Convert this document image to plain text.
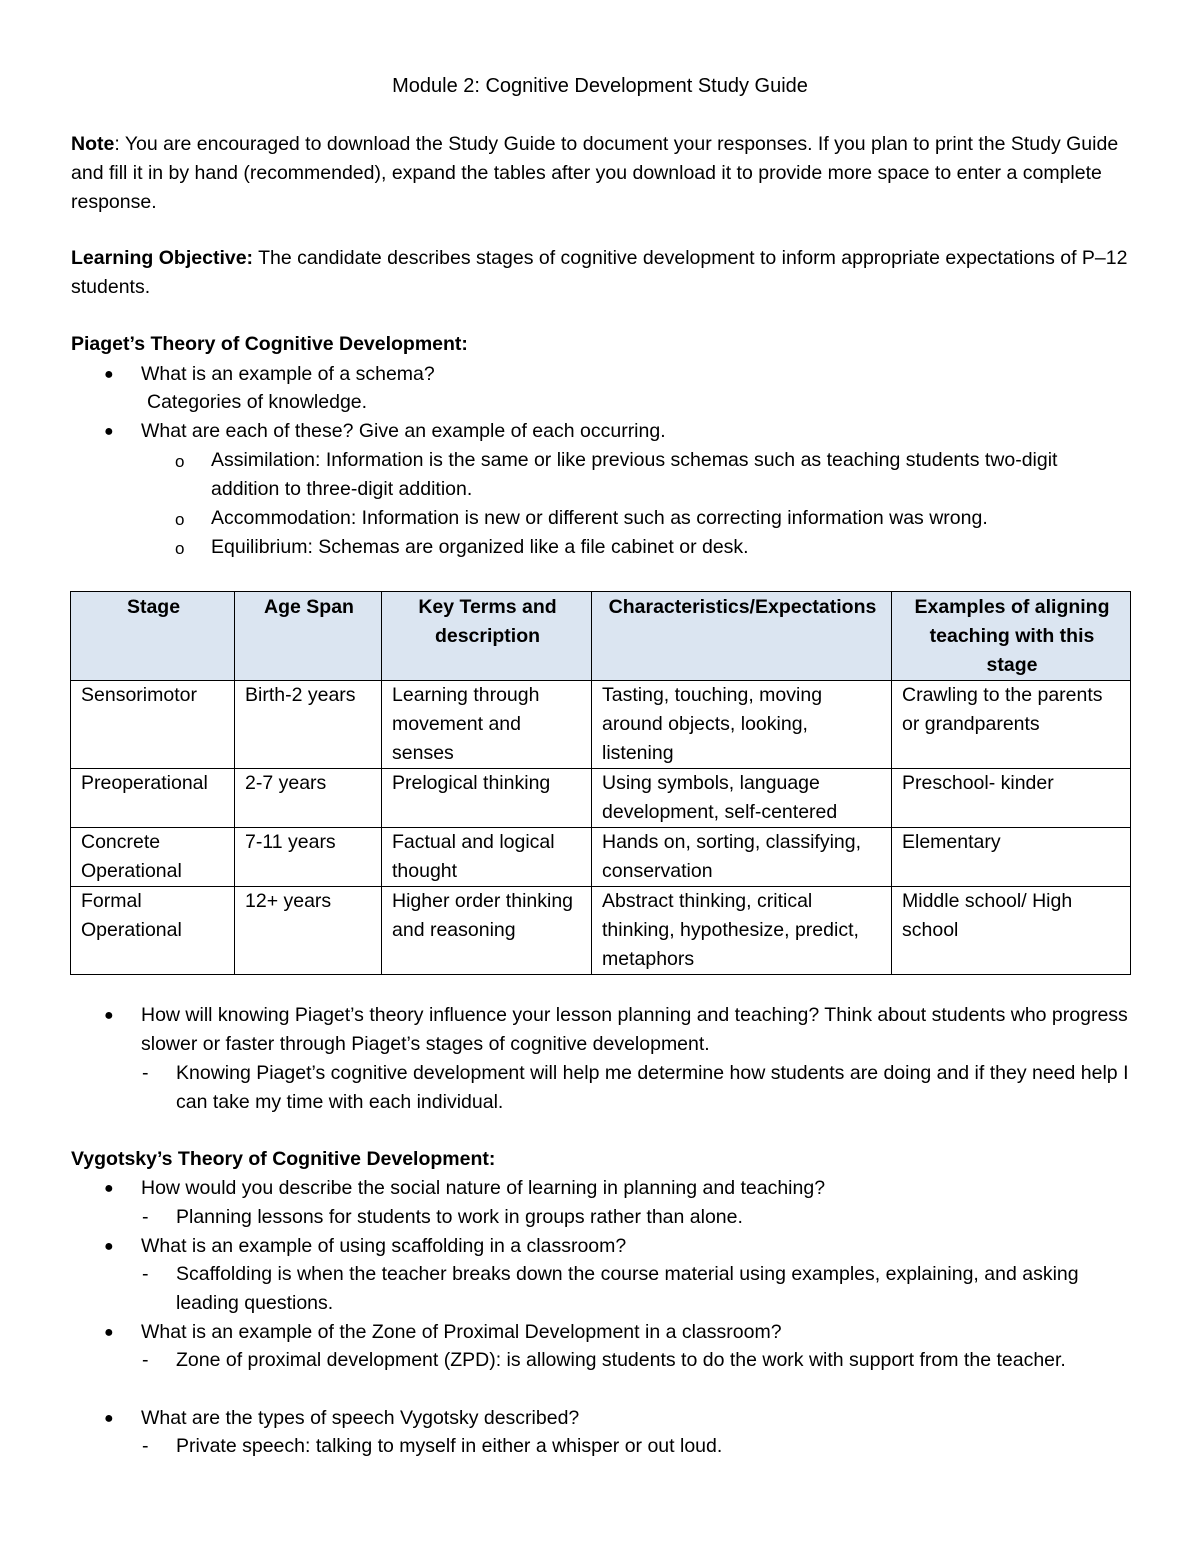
Module 2: Cognitive Development Study Guide

Note: You are encouraged to download the Study Guide to document your responses. If you plan to print the Study Guide and fill it in by hand (recommended), expand the tables after you download it to provide more space to enter a complete response.

Learning Objective: The candidate describes stages of cognitive development to inform appropriate expectations of P–12 students.

Piaget’s Theory of Cognitive Development:

● What is an example of a schema?

Categories of knowledge.

● What are each of these? Give an example of each occurring.

o Assimilation: Information is the same or like previous schemas such as teaching students two-digit addition to three-digit addition.

o Accommodation: Information is new or different such as correcting information was wrong.

o Equilibrium: Schemas are organized like a file cabinet or desk.

Stage	Age Span	Key Terms and description	Characteristics/Expectations	Examples of aligning teaching with this stage
Sensorimotor	Birth-2 years	Learning through movement and senses	Tasting, touching, moving around objects, looking, listening	Crawling to the parents or grandparents
Preoperational	2-7 years	Prelogical thinking	Using symbols, language development, self-centered	Preschool- kinder
Concrete Operational	7-11 years	Factual and logical thought	Hands on, sorting, classifying, conservation	Elementary
Formal Operational	12+ years	Higher order thinking and reasoning	Abstract thinking, critical thinking, hypothesize, predict, metaphors	Middle school/ High school
● How will knowing Piaget’s theory influence your lesson planning and teaching? Think about students who progress slower or faster through Piaget’s stages of cognitive development.

- Knowing Piaget’s cognitive development will help me determine how students are doing and if they need help I can take my time with each individual.

Vygotsky’s Theory of Cognitive Development:

● How would you describe the social nature of learning in planning and teaching?

- Planning lessons for students to work in groups rather than alone.

● What is an example of using scaffolding in a classroom?

- Scaffolding is when the teacher breaks down the course material using examples, explaining, and asking leading questions.

● What is an example of the Zone of Proximal Development in a classroom?

- Zone of proximal development (ZPD): is allowing students to do the work with support from the teacher.

● What are the types of speech Vygotsky described?

- Private speech: talking to myself in either a whisper or out loud.
